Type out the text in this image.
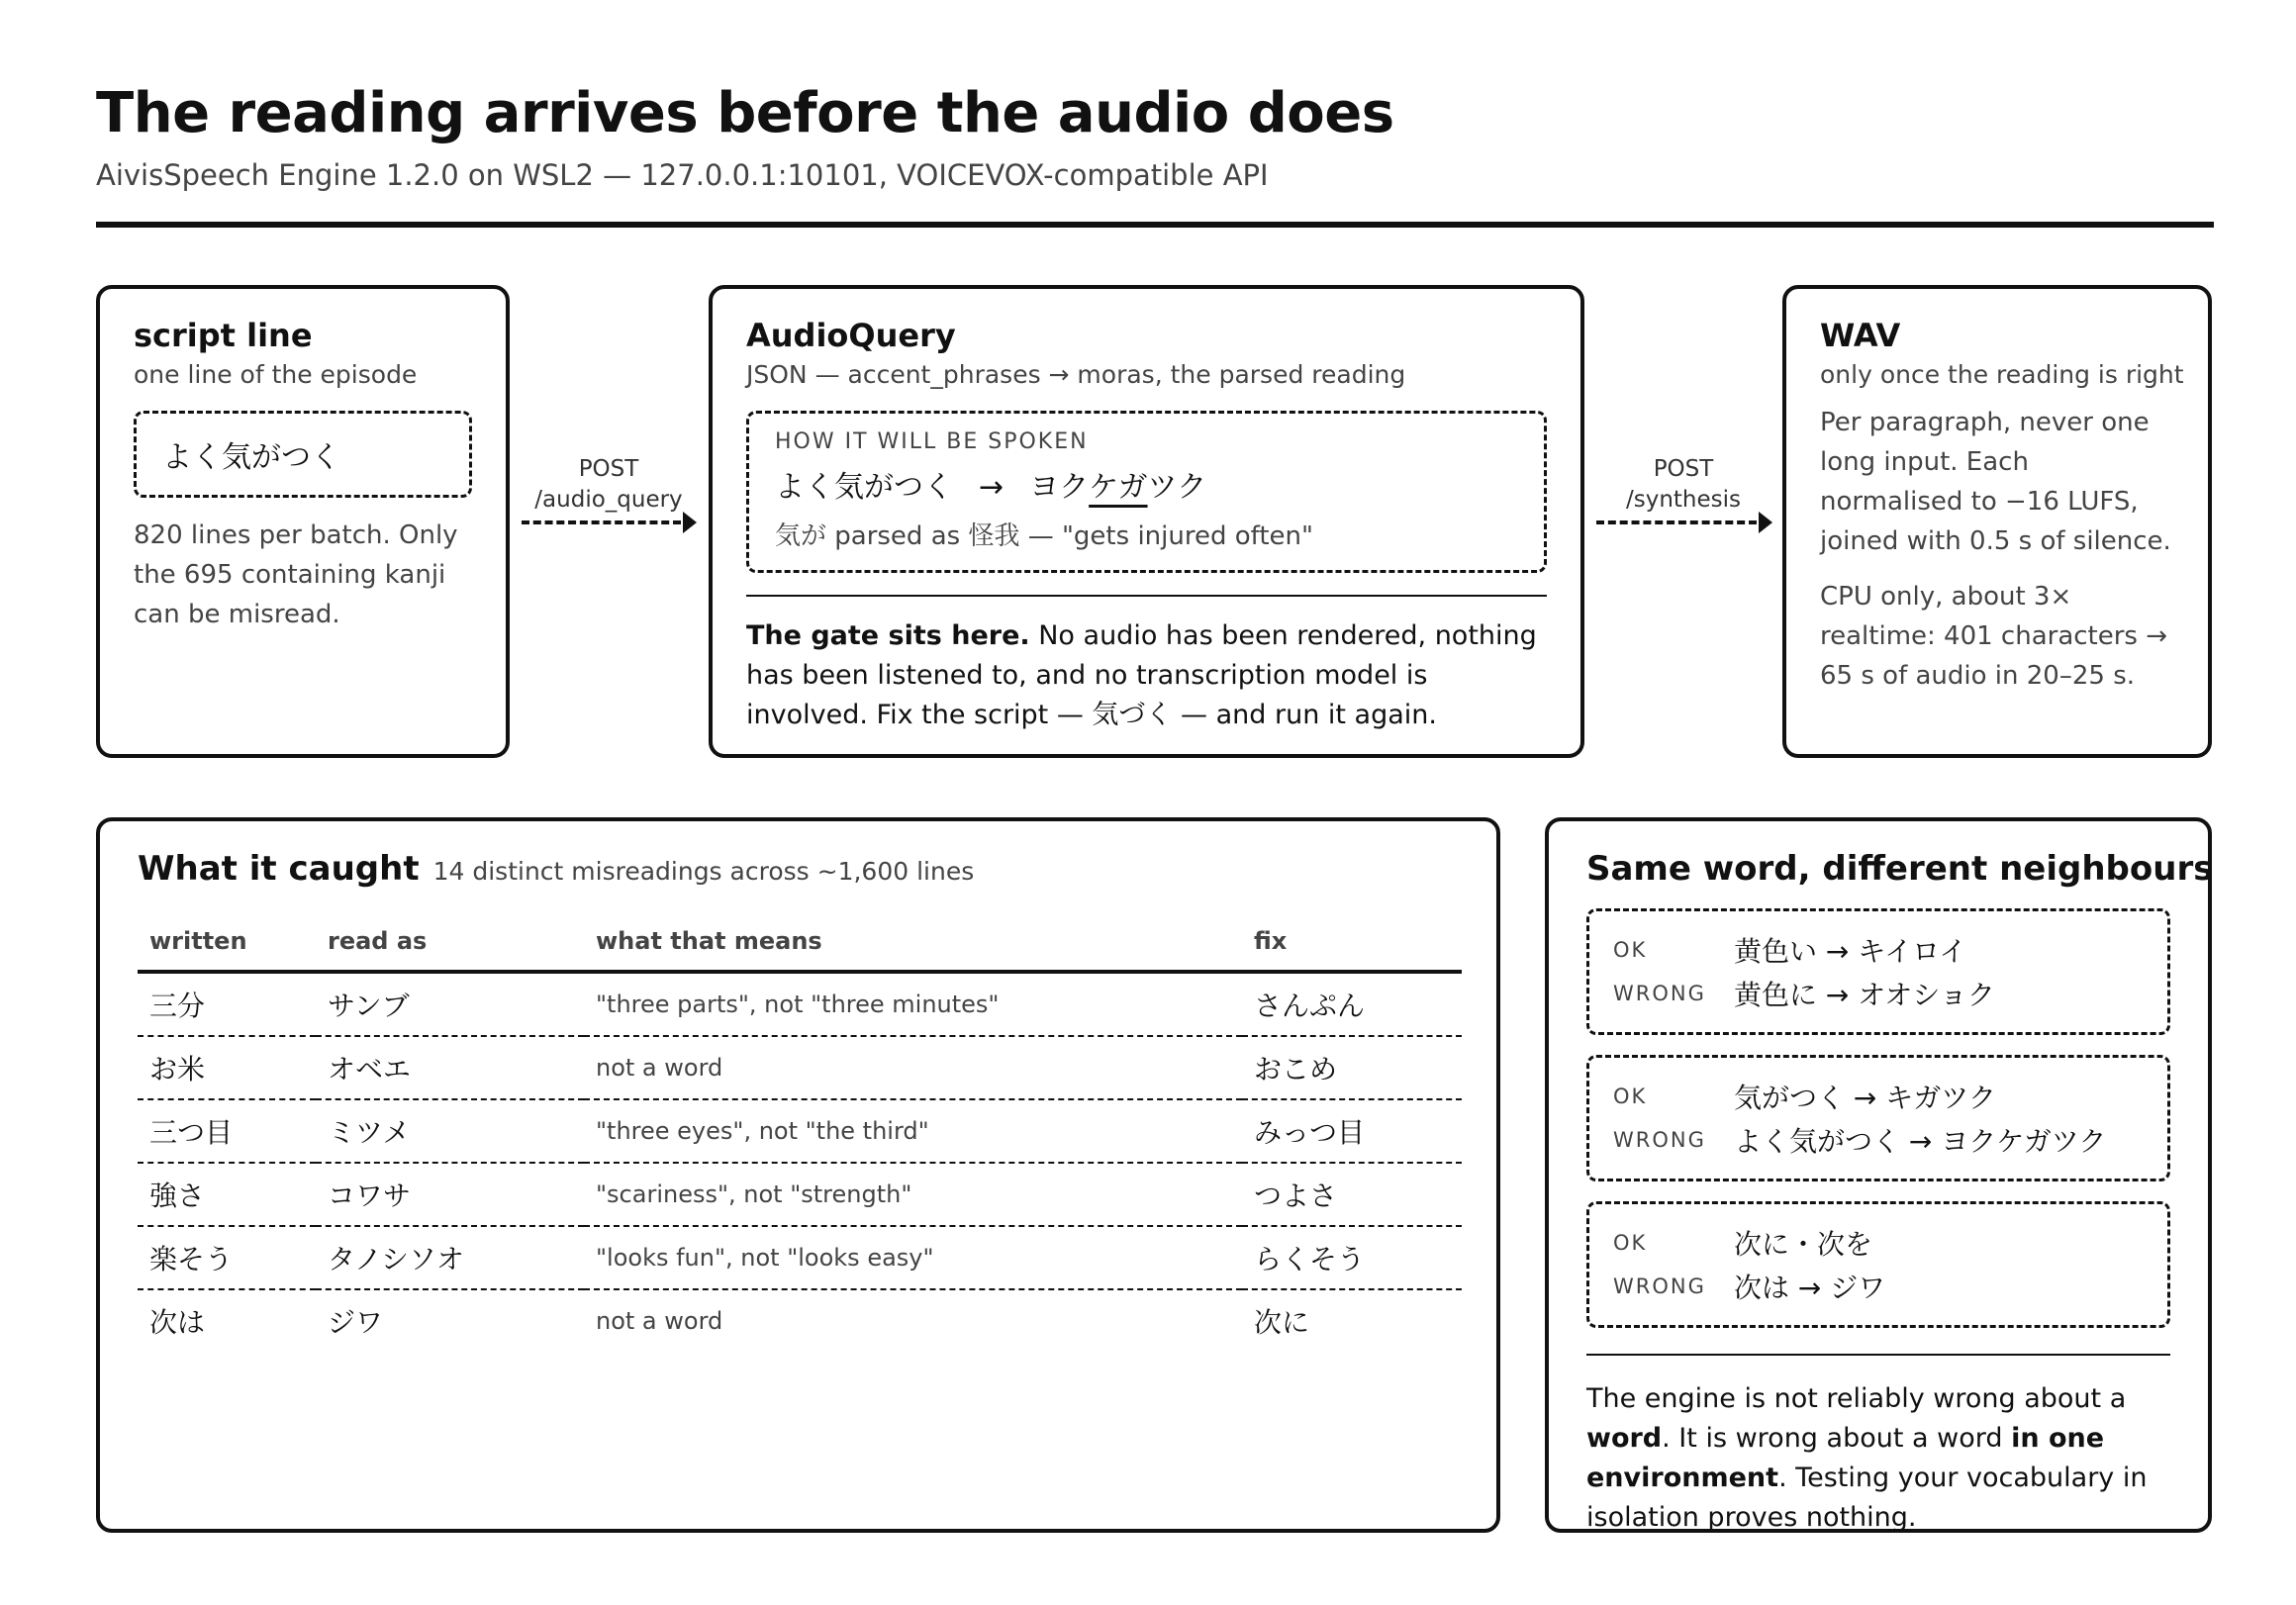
The reading arrives before the audio does
AivisSpeech Engine 1.2.0 on WSL2 — 127.0.0.1:10101, VOICEVOX-compatible API
script line
one line of the episode
よく気がつく
820 lines per batch. Only the 695 containing kanji can be misread.
POST
/audio_query
AudioQuery
JSON — accent_phrases → moras, the parsed reading
HOW IT WILL BE SPOKEN
よく気がつく → ヨクケガツク
気が parsed as 怪我 — "gets injured often"
The gate sits here. No audio has been rendered, nothing has been listened to, and no transcription model is involved. Fix the script — 気づく — and run it again.
POST
/synthesis
WAV
only once the reading is right
Per paragraph, never one long input. Each normalised to −16 LUFS, joined with 0.5 s of silence.
CPU only, about 3× realtime: 401 characters → 65 s of audio in 20–25 s.
What it caught 14 distinct misreadings across ~1,600 lines
written	read as	what that means	fix
三分	サンブ	"three parts", not "three minutes"	さんぷん
お米	オベエ	not a word	おこめ
三つ目	ミツメ	"three eyes", not "the third"	みっつ目
強さ	コワサ	"scariness", not "strength"	つよさ
楽そう	タノシソオ	"looks fun", not "looks easy"	らくそう
次は	ジワ	not a word	次に
Same word, different neighbours
OK	黄色い → キイロイ
WRONG	黄色に → オオショク
OK	気がつく → キガツク
WRONG	よく気がつく → ヨクケガツク
OK	次に・次を
WRONG	次は → ジワ
The engine is not reliably wrong about a word. It is wrong about a word in one environment. Testing your vocabulary in isolation proves nothing.
